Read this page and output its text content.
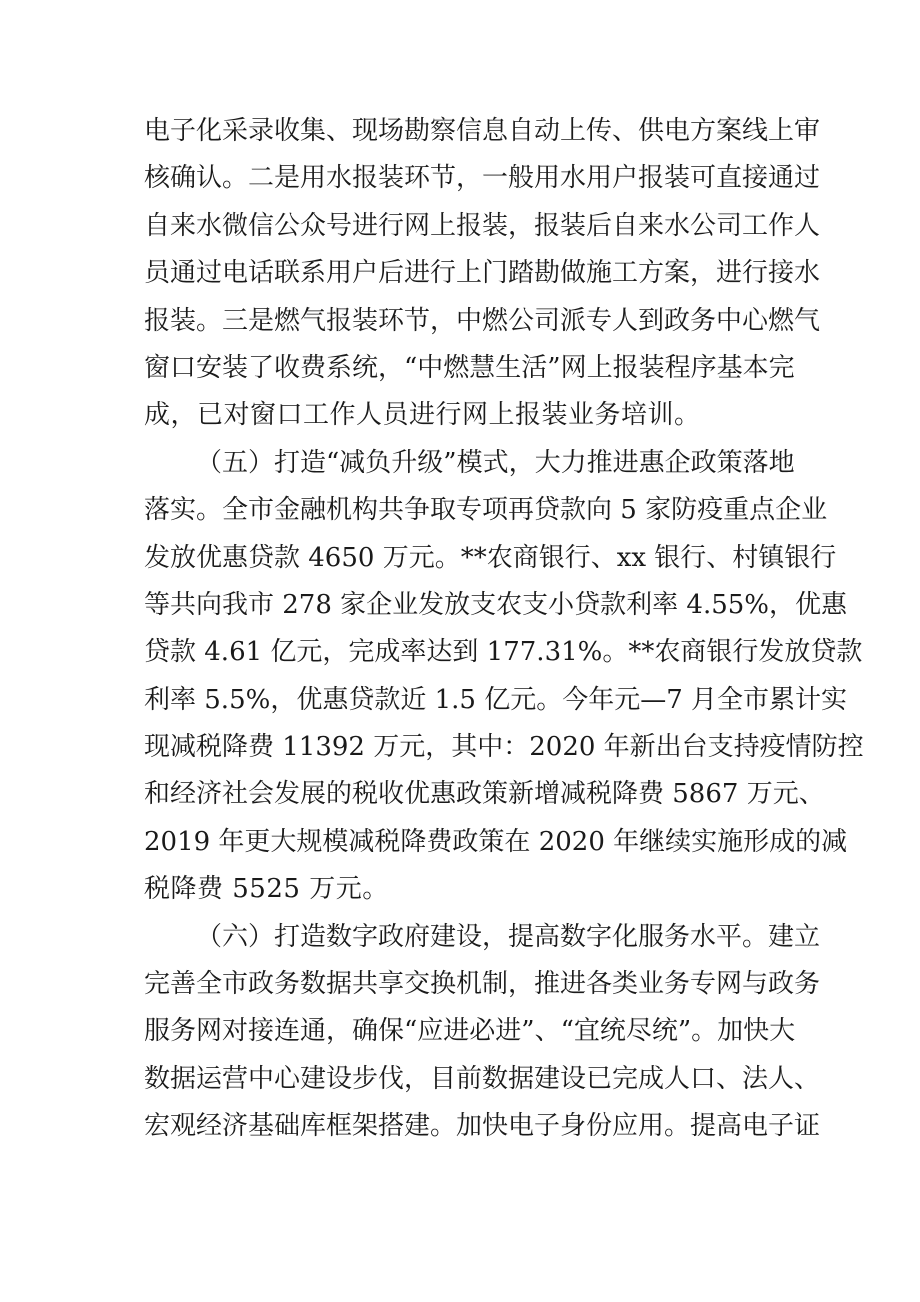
电子化采录收集、现场勘察信息自动上传、供电方案线上审
核确认。二是用水报装环节，一般用水用户报装可直接通过
自来水微信公众号进行网上报装，报装后自来水公司工作人
员通过电话联系用户后进行上门踏勘做施工方案，进行接水
报装。三是燃气报装环节，中燃公司派专人到政务中心燃气
窗口安装了收费系统，“中燃慧生活”网上报装程序基本完
成，已对窗口工作人员进行网上报装业务培训。
（五）打造“减负升级”模式，大力推进惠企政策落地
落实。全市金融机构共争取专项再贷款向 5 家防疫重点企业
发放优惠贷款 4650 万元。**农商银行、xx 银行、村镇银行
等共向我市 278 家企业发放支农支小贷款利率 4.55%，优惠
贷款 4.61 亿元，完成率达到 177.31%。**农商银行发放贷款
利率 5.5%，优惠贷款近 1.5 亿元。今年元—7 月全市累计实
现减税降费 11392 万元，其中：2020 年新出台支持疫情防控
和经济社会发展的税收优惠政策新增减税降费 5867 万元、
2019 年更大规模减税降费政策在 2020 年继续实施形成的减
税降费 5525 万元。
（六）打造数字政府建设，提高数字化服务水平。建立
完善全市政务数据共享交换机制，推进各类业务专网与政务
服务网对接连通，确保“应进必进”、“宜统尽统”。加快大
数据运营中心建设步伐，目前数据建设已完成人口、法人、
宏观经济基础库框架搭建。加快电子身份应用。提高电子证
